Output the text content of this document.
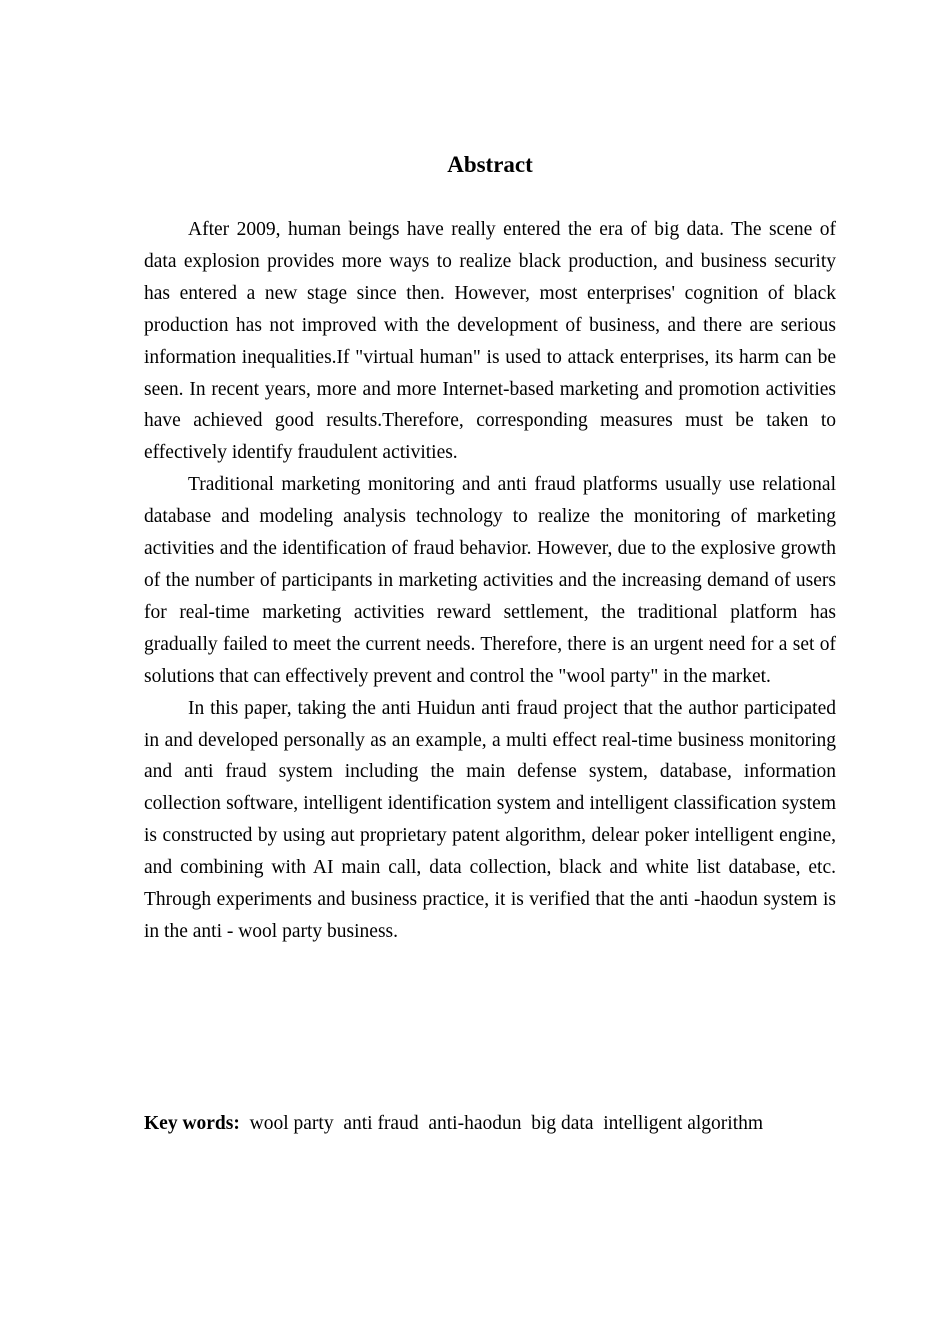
Abstract

After 2009, human beings have really entered the era of big data. The scene of data explosion provides more ways to realize black production, and business security has entered a new stage since then. However, most enterprises' cognition of black production has not improved with the development of business, and there are serious information inequalities.If "virtual human" is used to attack enterprises, its harm can be seen. In recent years, more and more Internet-based marketing and promotion activities have achieved good results.Therefore, corresponding measures must be taken to effectively identify fraudulent activities.

Traditional marketing monitoring and anti fraud platforms usually use relational database and modeling analysis technology to realize the monitoring of marketing activities and the identification of fraud behavior. However, due to the explosive growth of the number of participants in marketing activities and the increasing demand of users for real-time marketing activities reward settlement, the traditional platform has gradually failed to meet the current needs. Therefore, there is an urgent need for a set of solutions that can effectively prevent and control the "wool party" in the market.

In this paper, taking the anti Huidun anti fraud project that the author participated in and developed personally as an example, a multi effect real-time business monitoring and anti fraud system including the main defense system, database, information collection software, intelligent identification system and intelligent classification system is constructed by using aut proprietary patent algorithm, delear poker intelligent engine, and combining with AI main call, data collection, black and white list database, etc. Through experiments and business practice, it is verified that the anti -haodun system is in the anti - wool party business.

Key words: wool party anti fraud anti-haodun big data intelligent algorithm
